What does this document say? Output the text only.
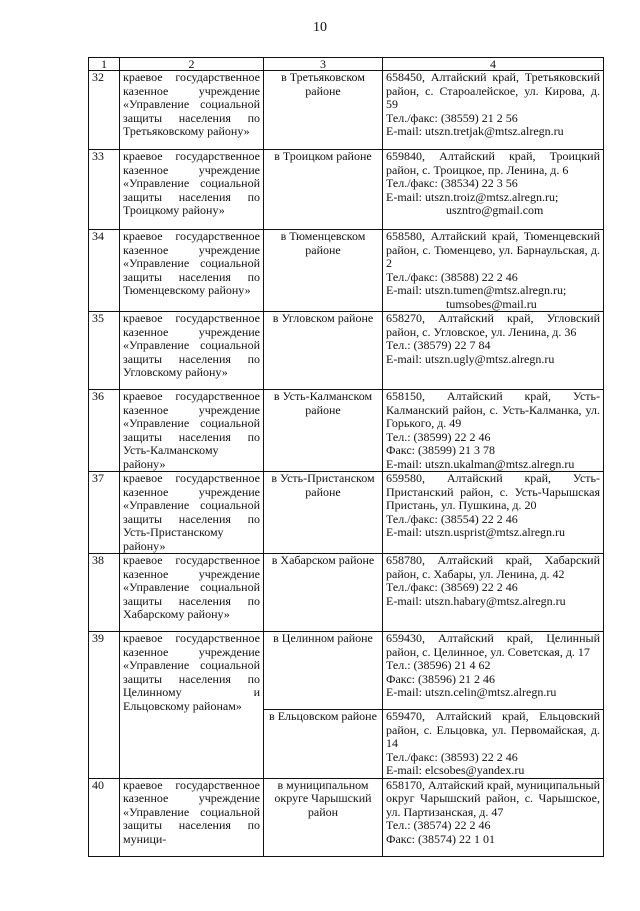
10
1	2	3	4
32	краевое государственное казенное учреждение «Управление социальной защиты населения по Третьяковскому району»	в Третьяковском районе	658450, Алтайский край, Третьяковский район, с. Староалейское, ул. Кирова, д. 59
Тел./факс: (38559) 21 2 56
E-mail: utszn.tretjak@mtsz.alregn.ru

33	краевое государственное казенное учреждение «Управление социальной защиты населения по Троицкому району»	в Троицком районе	659840, Алтайский край, Троицкий район, с. Троицкое, пр. Ленина, д. 6
Тел./факс: (38534) 22 3 56
E-mail: utszn.troiz@mtsz.alregn.ru;
uszntro@gmail.com

34	краевое государственное казенное учреждение «Управление социальной защиты населения по Тюменцевскому району»	в Тюменцевском районе	658580, Алтайский край, Тюменцевский район, с. Тюменцево, ул. Барнаульская, д. 2
Тел./факс: (38588) 22 2 46
E-mail: utszn.tumen@mtsz.alregn.ru;
tumsobes@mail.ru

35	краевое государственное казенное учреждение «Управление социальной защиты населения по Угловскому району»	в Угловском районе	658270, Алтайский край, Угловский район, с. Угловское, ул. Ленина, д. 36
Тел.: (38579) 22 7 84
E-mail: utszn.ugly@mtsz.alregn.ru

36	краевое государственное казенное учреждение «Управление социальной защиты населения по Усть-Калманскому району»	в Усть-Калманском районе	658150, Алтайский край, Усть-Калманский район, с. Усть-Калманка, ул. Горького, д. 49
Тел.: (38599) 22 2 46
Факс: (38599) 21 3 78
E-mail: utszn.ukalman@mtsz.alregn.ru

37	краевое государственное казенное учреждение «Управление социальной защиты населения по Усть-Пристанскому району»	в Усть-Пристанском районе	659580, Алтайский край, Усть-Пристанский район, с. Усть-Чарышская Пристань, ул. Пушкина, д. 20
Тел./факс: (38554) 22 2 46
E-mail: utszn.usprist@mtsz.alregn.ru

38	краевое государственное казенное учреждение «Управление социальной защиты населения по Хабарскому району»	в Хабарском районе	658780, Алтайский край, Хабарский район, с. Хабары, ул. Ленина, д. 42
Тел./факс: (38569) 22 2 46
E-mail: utszn.habary@mtsz.alregn.ru

39	краевое государственное казенное учреждение «Управление социальной защиты населения по Целинному и Ельцовскому районам»	в Целинном районе	659430, Алтайский край, Целинный район, с. Целинное, ул. Советская, д. 17
Тел.: (38596) 21 4 62
Факс: (38596) 21 2 46
E-mail: utszn.celin@mtsz.alregn.ru

		в Ельцовском районе	659470, Алтайский край, Ельцовский район, с. Ельцовка, ул. Первомайская, д. 14
Тел./факс: (38593) 22 2 46
E-mail: elcsobes@yandex.ru

40	краевое государственное казенное учреждение «Управление социальной защиты населения по муници-	в муниципальном округе Чарышский район	658170, Алтайский край, муниципальный округ Чарышский район, с. Чарышское, ул. Партизанская, д. 47
Тел.: (38574) 22 2 46
Факс: (38574) 22 1 01
